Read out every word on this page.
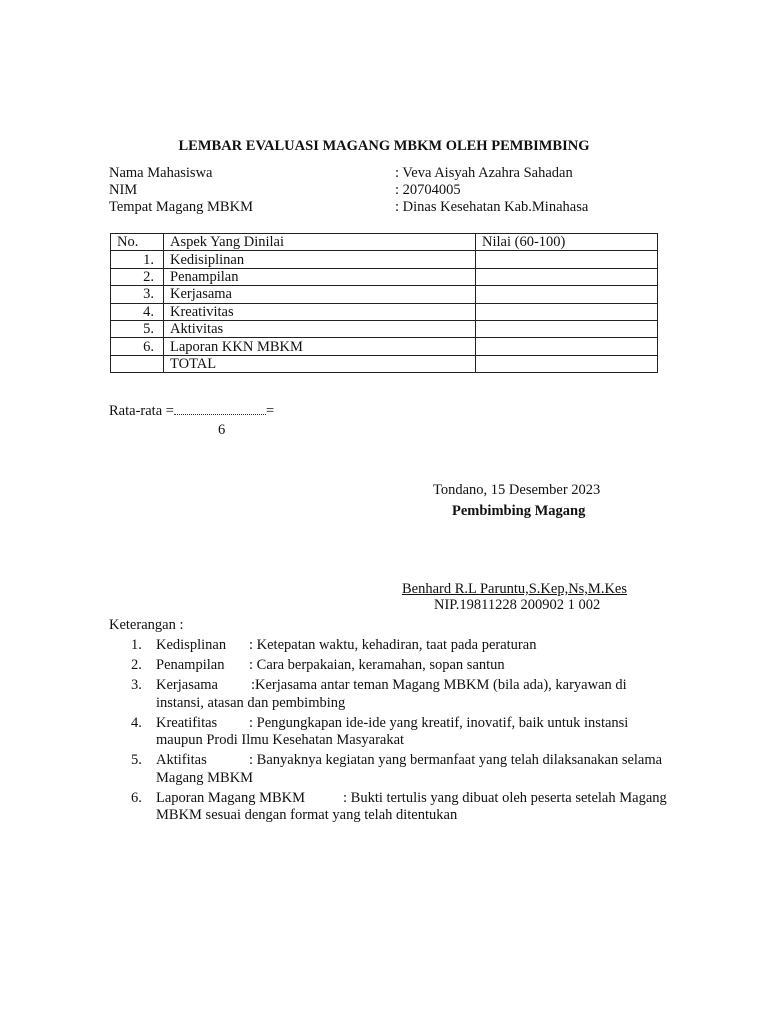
LEMBAR EVALUASI MAGANG MBKM OLEH PEMBIMBING
Nama Mahasiswa	: Veva Aisyah Azahra Sahadan
NIM	: 20704005
Tempat Magang MBKM	: Dinas Kesehatan Kab.Minahasa
No.	Aspek Yang Dinilai	Nilai (60-100)
1.	Kedisiplinan	
2.	Penampilan	
3.	Kerjasama	
4.	Kreativitas	
5.	Aktivitas	
6.	Laporan KKN MBKM	
	TOTAL	
Rata-rata =	=
6
Tondano, 15 Desember 2023
Pembimbing Magang
Benhard R.L Paruntu,S.Kep,Ns,M.Kes
NIP.19811228 200902 1 002
Keterangan :
1. Kedisplinan : Ketepatan waktu, kehadiran, taat pada peraturan
2. Penampilan : Cara berpakaian, keramahan, sopan santun
3. Kerjasama :Kerjasama antar teman Magang MBKM (bila ada), karyawan di instansi, atasan dan pembimbing
4. Kreatifitas : Pengungkapan ide-ide yang kreatif, inovatif, baik untuk instansi maupun Prodi Ilmu Kesehatan Masyarakat
5. Aktifitas	: Banyaknya kegiatan yang bermanfaat yang telah dilaksanakan selama Magang MBKM
6. Laporan Magang MBKM	: Bukti tertulis yang dibuat oleh peserta setelah Magang MBKM sesuai dengan format yang telah ditentukan
